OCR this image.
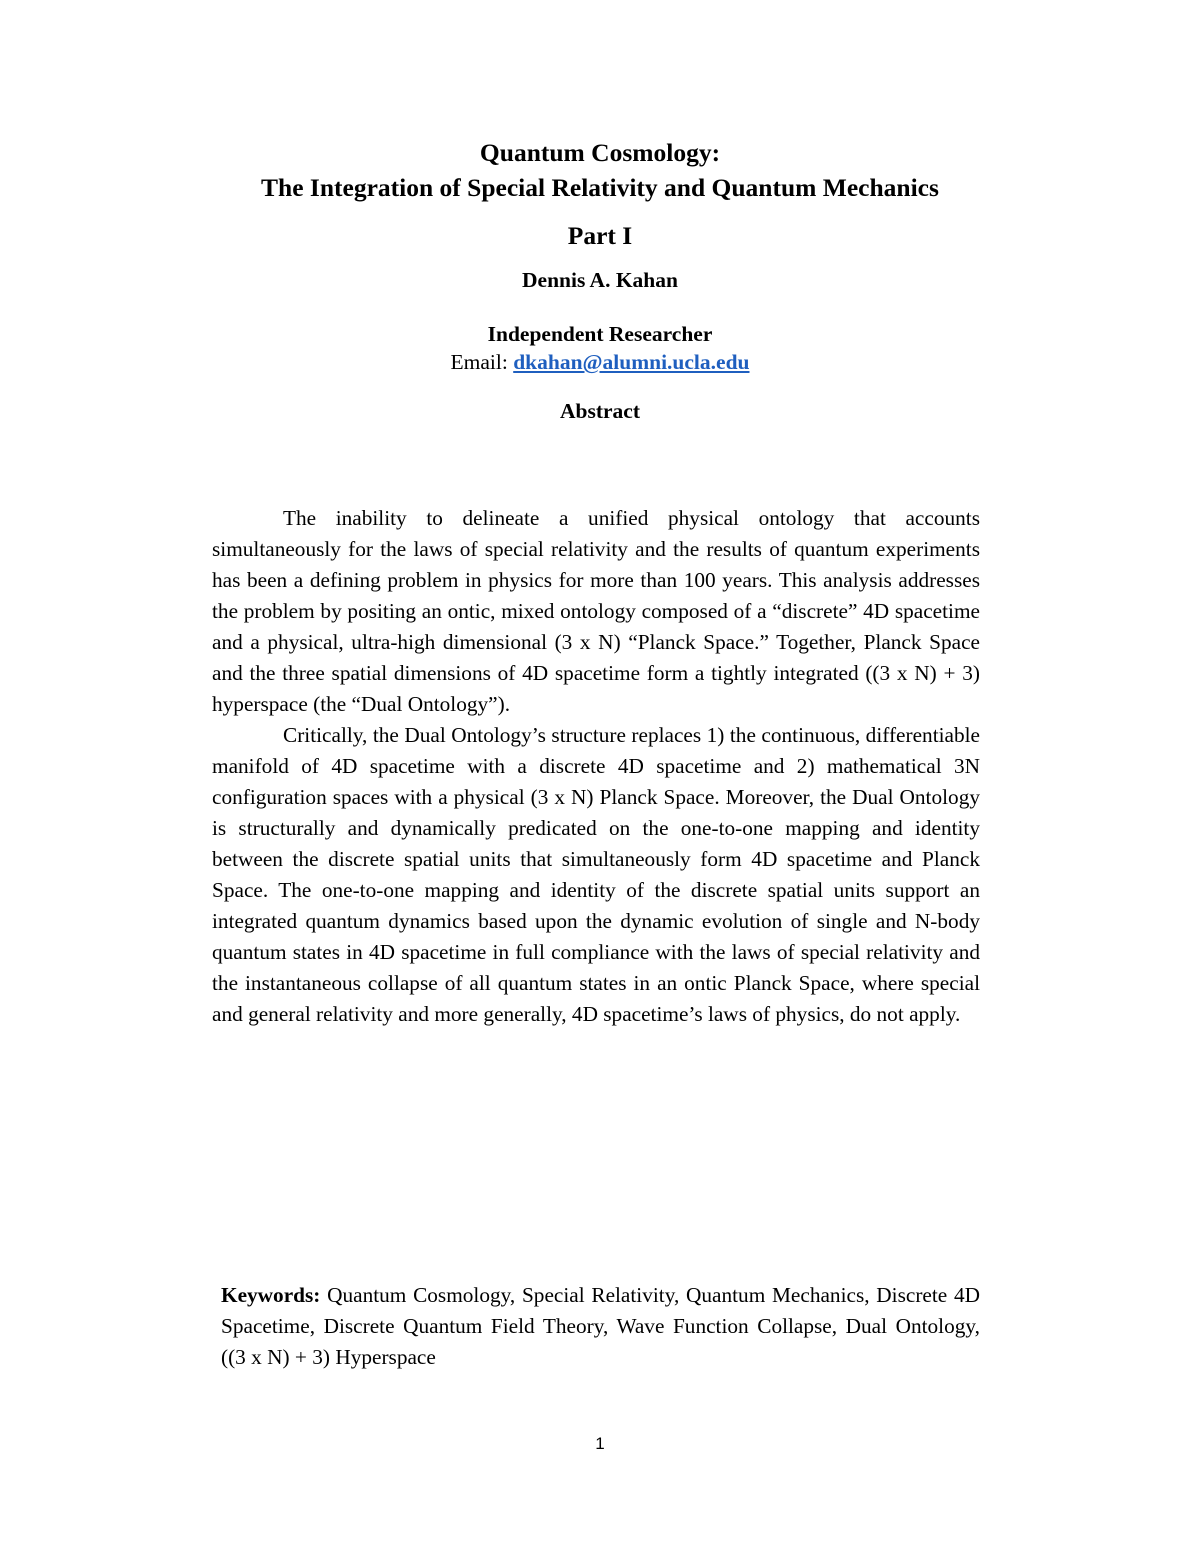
Quantum Cosmology:
The Integration of Special Relativity and Quantum Mechanics
Part I
Dennis A. Kahan
Independent Researcher
Email: dkahan@alumni.ucla.edu
Abstract

The inability to delineate a unified physical ontology that accounts simultaneously for the laws of special relativity and the results of quantum experiments has been a defining problem in physics for more than 100 years. This analysis addresses the problem by positing an ontic, mixed ontology composed of a “discrete” 4D spacetime and a physical, ultra-high dimensional (3 x N) “Planck Space.” Together, Planck Space and the three spatial dimensions of 4D spacetime form a tightly integrated ((3 x N) + 3) hyperspace (the “Dual Ontology”).

Critically, the Dual Ontology’s structure replaces 1) the continuous, differentiable manifold of 4D spacetime with a discrete 4D spacetime and 2) mathematical 3N configuration spaces with a physical (3 x N) Planck Space. Moreover, the Dual Ontology is structurally and dynamically predicated on the one-to-one mapping and identity between the discrete spatial units that simultaneously form 4D spacetime and Planck Space. The one-to-one mapping and identity of the discrete spatial units support an integrated quantum dynamics based upon the dynamic evolution of single and N-body quantum states in 4D spacetime in full compliance with the laws of special relativity and the instantaneous collapse of all quantum states in an ontic Planck Space, where special and general relativity and more generally, 4D spacetime’s laws of physics, do not apply.

Keywords: Quantum Cosmology, Special Relativity, Quantum Mechanics, Discrete 4D Spacetime, Discrete Quantum Field Theory, Wave Function Collapse, Dual Ontology, ((3 x N) + 3) Hyperspace
1
